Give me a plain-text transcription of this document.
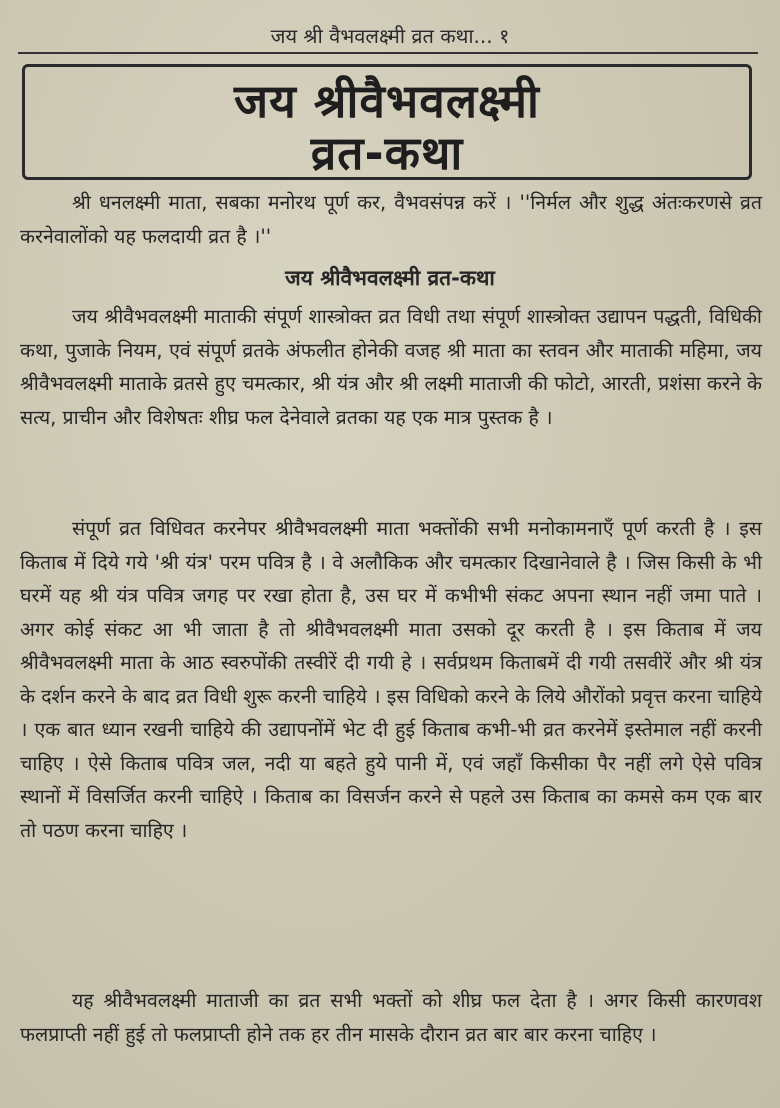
जय श्री वैभवलक्ष्मी व्रत कथा... १
जय श्रीवैभवलक्ष्मी
व्रत-कथा
श्री धनलक्ष्मी माता, सबका मनोरथ पूर्ण कर, वैभवसंपन्न करें । ''निर्मल और शुद्ध अंतःकरणसे व्रत करनेवालोंको यह फलदायी व्रत है ।''
जय श्रीवैभवलक्ष्मी व्रत-कथा
जय श्रीवैभवलक्ष्मी माताकी संपूर्ण शास्त्रोक्त व्रत विधी तथा संपूर्ण शास्त्रोक्त उद्यापन पद्धती, विधिकी कथा, पुजाके नियम, एवं संपूर्ण व्रतके अंफलीत होनेकी वजह श्री माता का स्तवन और माताकी महिमा, जय श्रीवैभवलक्ष्मी माताके व्रतसे हुए चमत्कार, श्री यंत्र और श्री लक्ष्मी माताजी की फोटो, आरती, प्रशंसा करने के सत्य, प्राचीन और विशेषतः शीघ्र फल देनेवाले व्रतका यह एक मात्र पुस्तक है ।
संपूर्ण व्रत विधिवत करनेपर श्रीवैभवलक्ष्मी माता भक्तोंकी सभी मनोकामनाएँ पूर्ण करती है । इस किताब में दिये गये 'श्री यंत्र' परम पवित्र है । वे अलौकिक और चमत्कार दिखानेवाले है । जिस किसी के भी घरमें यह श्री यंत्र पवित्र जगह पर रखा होता है, उस घर में कभीभी संकट अपना स्थान नहीं जमा पाते । अगर कोई संकट आ भी जाता है तो श्रीवैभवलक्ष्मी माता उसको दूर करती है । इस किताब में जय श्रीवैभवलक्ष्मी माता के आठ स्वरुपोंकी तस्वीरें दी गयी हे । सर्वप्रथम किताबमें दी गयी तसवीरें और श्री यंत्र के दर्शन करने के बाद व्रत विधी शुरू करनी चाहिये । इस विधिको करने के लिये औरोंको प्रवृत्त करना चाहिये । एक बात ध्यान रखनी चाहिये की उद्यापनोंमें भेट दी हुई किताब कभी-भी व्रत करनेमें इस्तेमाल नहीं करनी चाहिए । ऐसे किताब पवित्र जल, नदी या बहते हुये पानी में, एवं जहाँ किसीका पैर नहीं लगे ऐसे पवित्र स्थानों में विसर्जित करनी चाहिऐ । किताब का विसर्जन करने से पहले उस किताब का कमसे कम एक बार तो पठण करना चाहिए ।
यह श्रीवैभवलक्ष्मी माताजी का व्रत सभी भक्तों को शीघ्र फल देता है । अगर किसी कारणवश फलप्राप्ती नहीं हुई तो फलप्राप्ती होने तक हर तीन मासके दौरान व्रत बार बार करना चाहिए ।
